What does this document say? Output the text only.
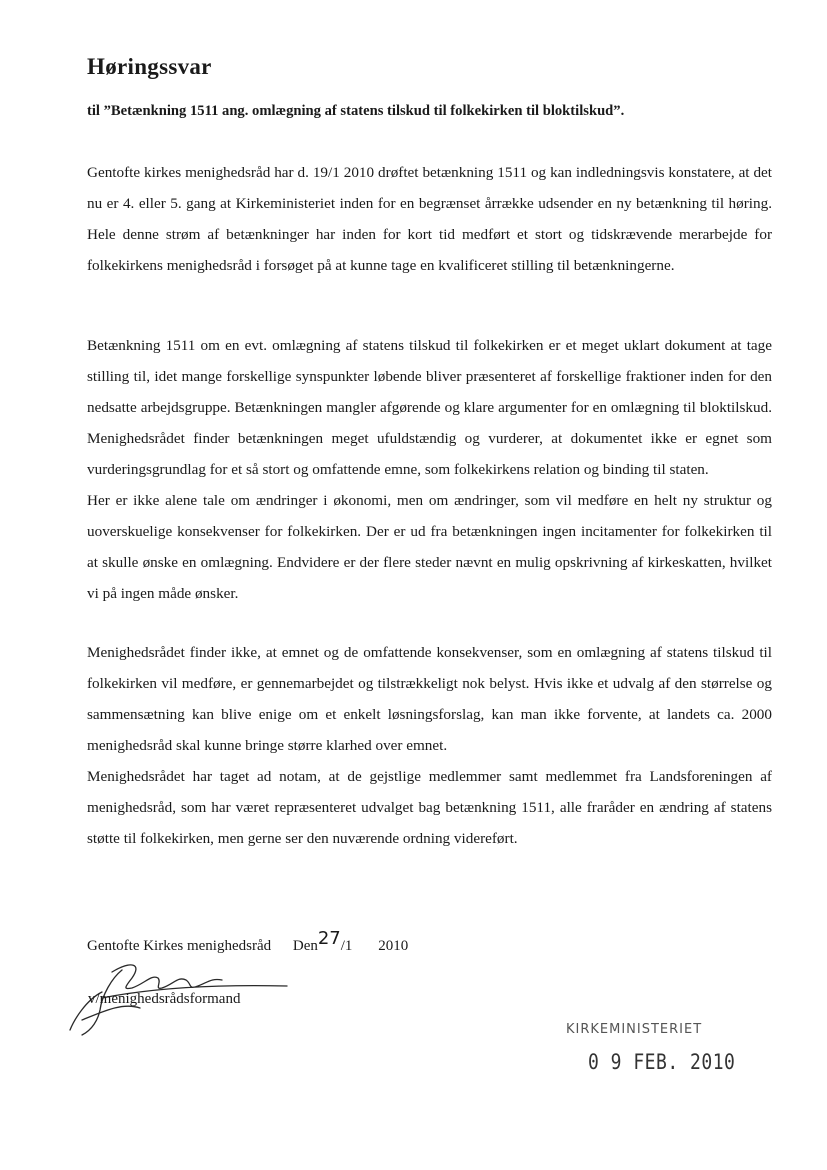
Høringssvar

til ”Betænkning 1511 ang. omlægning af statens tilskud til folkekirken til bloktilskud”.

Gentofte kirkes menighedsråd har d. 19/1 2010 drøftet betænkning 1511 og kan indledningsvis konstatere, at det nu er 4. eller 5. gang at Kirkeministeriet inden for en begrænset årrække udsender en ny betænkning til høring. Hele denne strøm af betænkninger har inden for kort tid medført et stort og tidskrævende merarbejde for folkekirkens menighedsråd i forsøget på at kunne tage en kvalificeret stilling til betænkningerne.

Betænkning 1511 om en evt. omlægning af statens tilskud til folkekirken er et meget uklart dokument at tage stilling til, idet mange forskellige synspunkter løbende bliver præsenteret af forskellige fraktioner inden for den nedsatte arbejdsgruppe. Betænkningen mangler afgørende og klare argumenter for en omlægning til bloktilskud. Menighedsrådet finder betænkningen meget ufuldstændig og vurderer, at dokumentet ikke er egnet som vurderingsgrundlag for et så stort og omfattende emne, som folkekirkens relation og binding til staten.

Her er ikke alene tale om ændringer i økonomi, men om ændringer, som vil medføre en helt ny struktur og uoverskuelige konsekvenser for folkekirken. Der er ud fra betænkningen ingen incitamenter for folkekirken til at skulle ønske en omlægning. Endvidere er der flere steder nævnt en mulig opskrivning af kirkeskatten, hvilket vi på ingen måde ønsker.

Menighedsrådet finder ikke, at emnet og de omfattende konsekvenser, som en omlægning af statens tilskud til folkekirken vil medføre, er gennemarbejdet og tilstrækkeligt nok belyst. Hvis ikke et udvalg af den størrelse og sammensætning kan blive enige om et enkelt løsningsforslag, kan man ikke forvente, at landets ca. 2000 menighedsråd skal kunne bringe større klarhed over emnet.

Menighedsrådet har taget ad notam, at de gejstlige medlemmer samt medlemmet fra Landsforeningen af menighedsråd, som har været repræsenteret udvalget bag betænkning 1511, alle fraråder en ændring af statens støtte til folkekirken, men gerne ser den nuværende ordning videreført.

Gentofte Kirkes menighedsråd Den$^{27}$/1 2010
v/menighedsrådsformand
KIRKEMINISTERIET
0 9 FEB. 2010
